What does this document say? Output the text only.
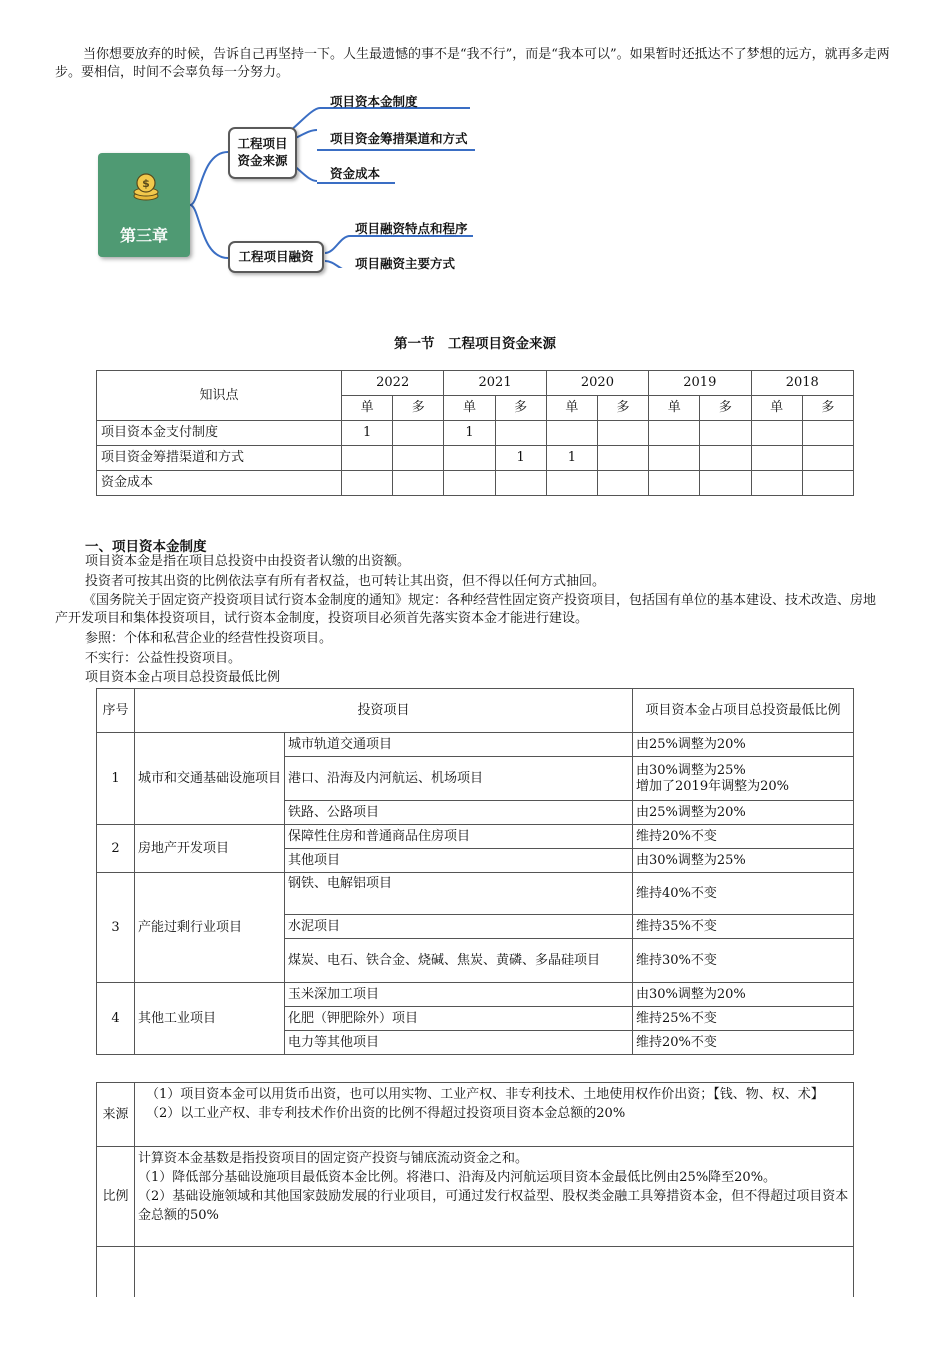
当你想要放弃的时候，告诉自己再坚持一下。人生最遗憾的事不是“我不行”，而是“我本可以”。如果暂时还抵达不了梦想的远方，就再多走两步。要相信，时间不会辜负每一分努力。
$
第三章
工程项目
资金来源
项目资本金制度
项目资金筹措渠道和方式
资金成本
工程项目融资
项目融资特点和程序
项目融资主要方式
第一节　工程项目资金来源
知识点	2022		2021		2020		2019		2018	
	单	多	单	多	单	多	单	多	单	多
项目资本金支付制度	1		1							
项目资金筹措渠道和方式				1	1					
资金成本										
一、项目资本金制度
项目资本金是指在项目总投资中由投资者认缴的出资额。
投资者可按其出资的比例依法享有所有者权益，也可转让其出资，但不得以任何方式抽回。
《国务院关于固定资产投资项目试行资本金制度的通知》规定：各种经营性固定资产投资项目，包括国有单位的基本建设、技术改造、房地产开发项目和集体投资项目，试行资本金制度，投资项目必须首先落实资本金才能进行建设。
参照：个体和私营企业的经营性投资项目。
不实行：公益性投资项目。
项目资本金占项目总投资最低比例
序号	投资项目		项目资本金占项目总投资最低比例
1	城市和交通基础设施项目	城市轨道交通项目	由25%调整为20%
		港口、沿海及内河航运、机场项目	由30%调整为25%
增加了2019年调整为20%

		铁路、公路项目	由25%调整为20%
2	房地产开发项目	保障性住房和普通商品住房项目	维持20%不变
		其他项目	由30%调整为25%
3	产能过剩行业项目	钢铁、电解铝项目	维持40%不变
		水泥项目	维持35%不变
		煤炭、电石、铁合金、烧碱、焦炭、黄磷、多晶硅项目	维持30%不变
4	其他工业项目	玉米深加工项目	由30%调整为20%
		化肥（钾肥除外）项目	维持25%不变
		电力等其他项目	维持20%不变
来源	（1）项目资本金可以用货币出资，也可以用实物、工业产权、非专利技术、土地使用权作价出资；【钱、物、权、术】
（2）以工业产权、非专利技术作价出资的比例不得超过投资项目资本金总额的20%

比例	计算资本金基数是指投资项目的固定资产投资与铺底流动资金之和。
（1）降低部分基础设施项目最低资本金比例。将港口、沿海及内河航运项目资本金最低比例由25%降至20%。
（2）基础设施领域和其他国家鼓励发展的行业项目，可通过发行权益型、股权类金融工具筹措资本金，但不得超过项目资本金总额的50%
